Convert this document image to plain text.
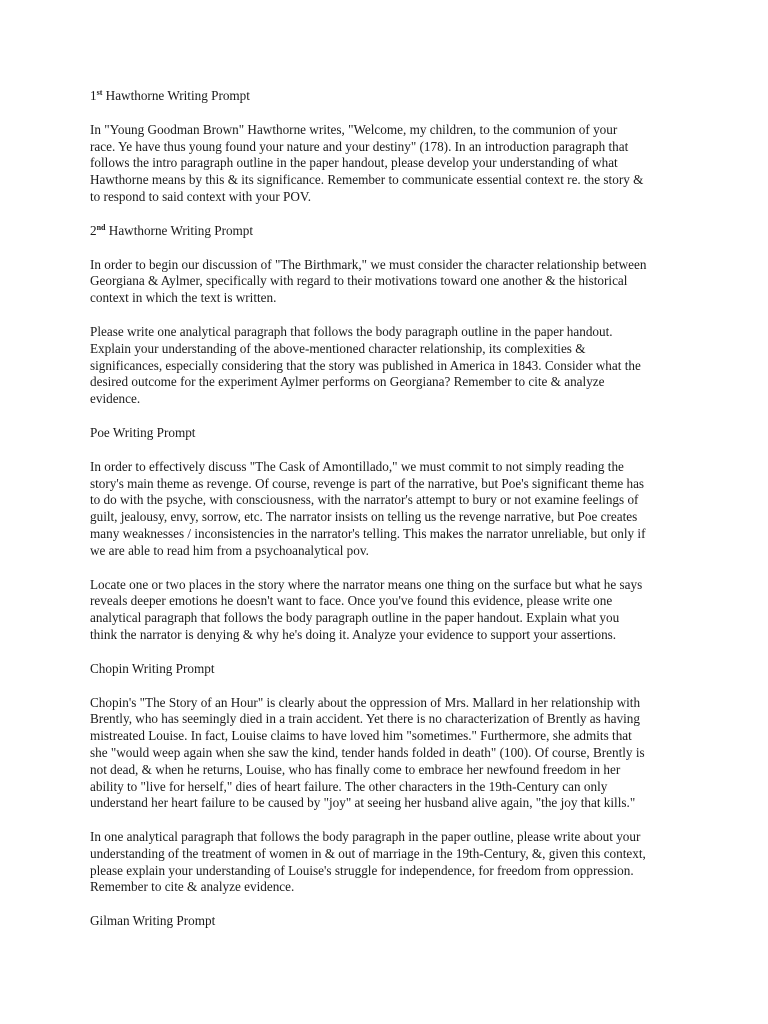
1st Hawthorne Writing Prompt
In "Young Goodman Brown" Hawthorne writes, "Welcome, my children, to the communion of your
race. Ye have thus young found your nature and your destiny" (178). In an introduction paragraph that
follows the intro paragraph outline in the paper handout, please develop your understanding of what
Hawthorne means by this & its significance. Remember to communicate essential context re. the story &
to respond to said context with your POV.
2nd Hawthorne Writing Prompt
In order to begin our discussion of "The Birthmark," we must consider the character relationship between
Georgiana & Aylmer, specifically with regard to their motivations toward one another & the historical
context in which the text is written.
Please write one analytical paragraph that follows the body paragraph outline in the paper handout.
Explain your understanding of the above-mentioned character relationship, its complexities &
significances, especially considering that the story was published in America in 1843. Consider what the
desired outcome for the experiment Aylmer performs on Georgiana? Remember to cite & analyze
evidence.
Poe Writing Prompt
In order to effectively discuss "The Cask of Amontillado," we must commit to not simply reading the
story's main theme as revenge. Of course, revenge is part of the narrative, but Poe's significant theme has
to do with the psyche, with consciousness, with the narrator's attempt to bury or not examine feelings of
guilt, jealousy, envy, sorrow, etc. The narrator insists on telling us the revenge narrative, but Poe creates
many weaknesses / inconsistencies in the narrator's telling. This makes the narrator unreliable, but only if
we are able to read him from a psychoanalytical pov.
Locate one or two places in the story where the narrator means one thing on the surface but what he says
reveals deeper emotions he doesn't want to face. Once you've found this evidence, please write one
analytical paragraph that follows the body paragraph outline in the paper handout. Explain what you
think the narrator is denying & why he's doing it. Analyze your evidence to support your assertions.
Chopin Writing Prompt
Chopin's "The Story of an Hour" is clearly about the oppression of Mrs. Mallard in her relationship with
Brently, who has seemingly died in a train accident. Yet there is no characterization of Brently as having
mistreated Louise. In fact, Louise claims to have loved him "sometimes." Furthermore, she admits that
she "would weep again when she saw the kind, tender hands folded in death" (100). Of course, Brently is
not dead, & when he returns, Louise, who has finally come to embrace her newfound freedom in her
ability to "live for herself," dies of heart failure. The other characters in the 19th-Century can only
understand her heart failure to be caused by "joy" at seeing her husband alive again, "the joy that kills."
In one analytical paragraph that follows the body paragraph in the paper outline, please write about your
understanding of the treatment of women in & out of marriage in the 19th-Century, &, given this context,
please explain your understanding of Louise's struggle for independence, for freedom from oppression.
Remember to cite & analyze evidence.
Gilman Writing Prompt
